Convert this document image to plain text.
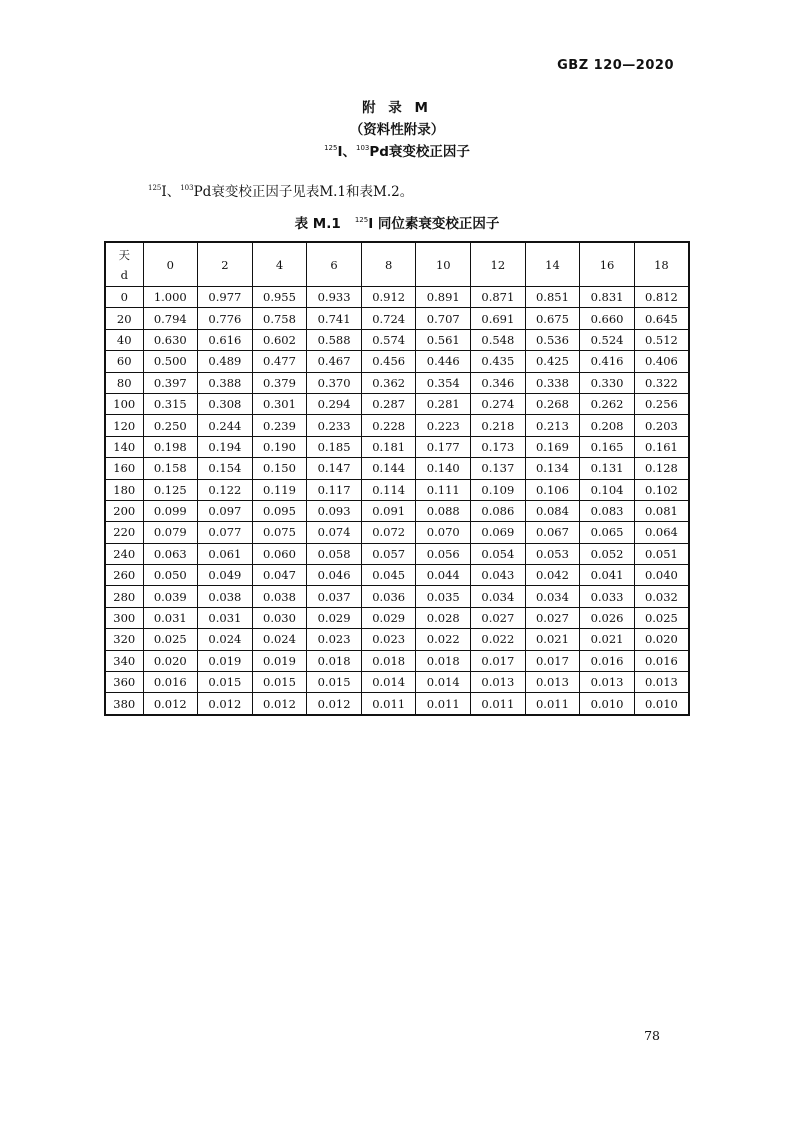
GBZ 120—2020
附 录 M
（资料性附录）
$^{125}$I、$^{103}$Pd衰变校正因子
$^{125}$I、$^{103}$Pd衰变校正因子见表M.1和表M.2。
表 M.1 $^{125}$I 同位素衰变校正因子
天
d	0	2	4	6	8	10	12	14	16	18
0	1.000	0.977	0.955	0.933	0.912	0.891	0.871	0.851	0.831	0.812
20	0.794	0.776	0.758	0.741	0.724	0.707	0.691	0.675	0.660	0.645
40	0.630	0.616	0.602	0.588	0.574	0.561	0.548	0.536	0.524	0.512
60	0.500	0.489	0.477	0.467	0.456	0.446	0.435	0.425	0.416	0.406
80	0.397	0.388	0.379	0.370	0.362	0.354	0.346	0.338	0.330	0.322
100	0.315	0.308	0.301	0.294	0.287	0.281	0.274	0.268	0.262	0.256
120	0.250	0.244	0.239	0.233	0.228	0.223	0.218	0.213	0.208	0.203
140	0.198	0.194	0.190	0.185	0.181	0.177	0.173	0.169	0.165	0.161
160	0.158	0.154	0.150	0.147	0.144	0.140	0.137	0.134	0.131	0.128
180	0.125	0.122	0.119	0.117	0.114	0.111	0.109	0.106	0.104	0.102
200	0.099	0.097	0.095	0.093	0.091	0.088	0.086	0.084	0.083	0.081
220	0.079	0.077	0.075	0.074	0.072	0.070	0.069	0.067	0.065	0.064
240	0.063	0.061	0.060	0.058	0.057	0.056	0.054	0.053	0.052	0.051
260	0.050	0.049	0.047	0.046	0.045	0.044	0.043	0.042	0.041	0.040
280	0.039	0.038	0.038	0.037	0.036	0.035	0.034	0.034	0.033	0.032
300	0.031	0.031	0.030	0.029	0.029	0.028	0.027	0.027	0.026	0.025
320	0.025	0.024	0.024	0.023	0.023	0.022	0.022	0.021	0.021	0.020
340	0.020	0.019	0.019	0.018	0.018	0.018	0.017	0.017	0.016	0.016
360	0.016	0.015	0.015	0.015	0.014	0.014	0.013	0.013	0.013	0.013
380	0.012	0.012	0.012	0.012	0.011	0.011	0.011	0.011	0.010	0.010
78
